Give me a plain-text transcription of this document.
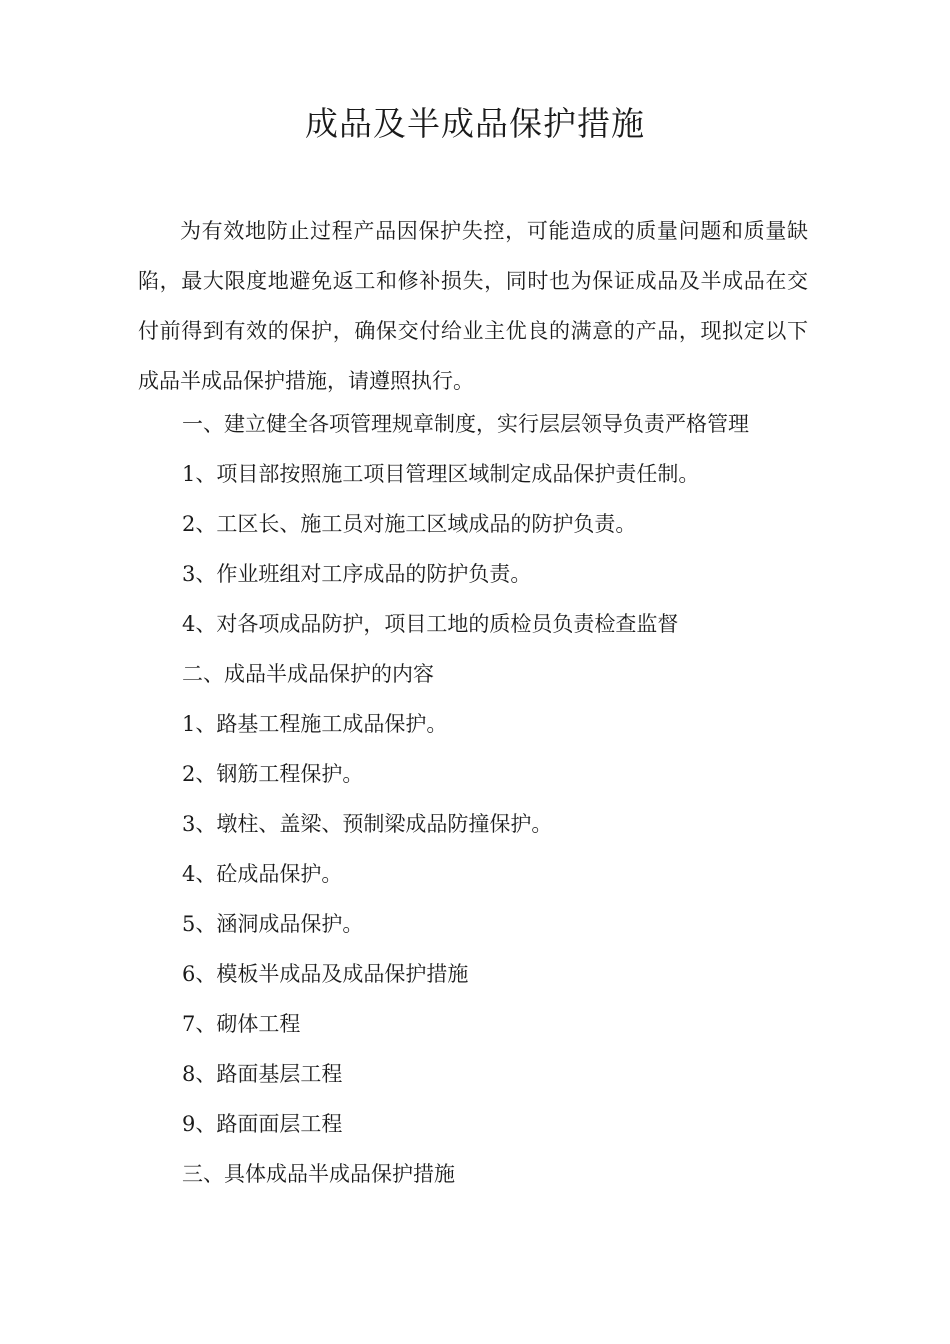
成品及半成品保护措施

为有效地防止过程产品因保护失控，可能造成的质量问题和质量缺陷，最大限度地避免返工和修补损失，同时也为保证成品及半成品在交付前得到有效的保护，确保交付给业主优良的满意的产品，现拟定以下成品半成品保护措施，请遵照执行。

一、建立健全各项管理规章制度，实行层层领导负责严格管理

1、项目部按照施工项目管理区域制定成品保护责任制。

2、工区长、施工员对施工区域成品的防护负责。

3、作业班组对工序成品的防护负责。

4、对各项成品防护，项目工地的质检员负责检查监督

二、成品半成品保护的内容

1、路基工程施工成品保护。

2、钢筋工程保护。

3、墩柱、盖梁、预制梁成品防撞保护。

4、砼成品保护。

5、涵洞成品保护。

6、模板半成品及成品保护措施

7、砌体工程

8、路面基层工程

9、路面面层工程

三、具体成品半成品保护措施
